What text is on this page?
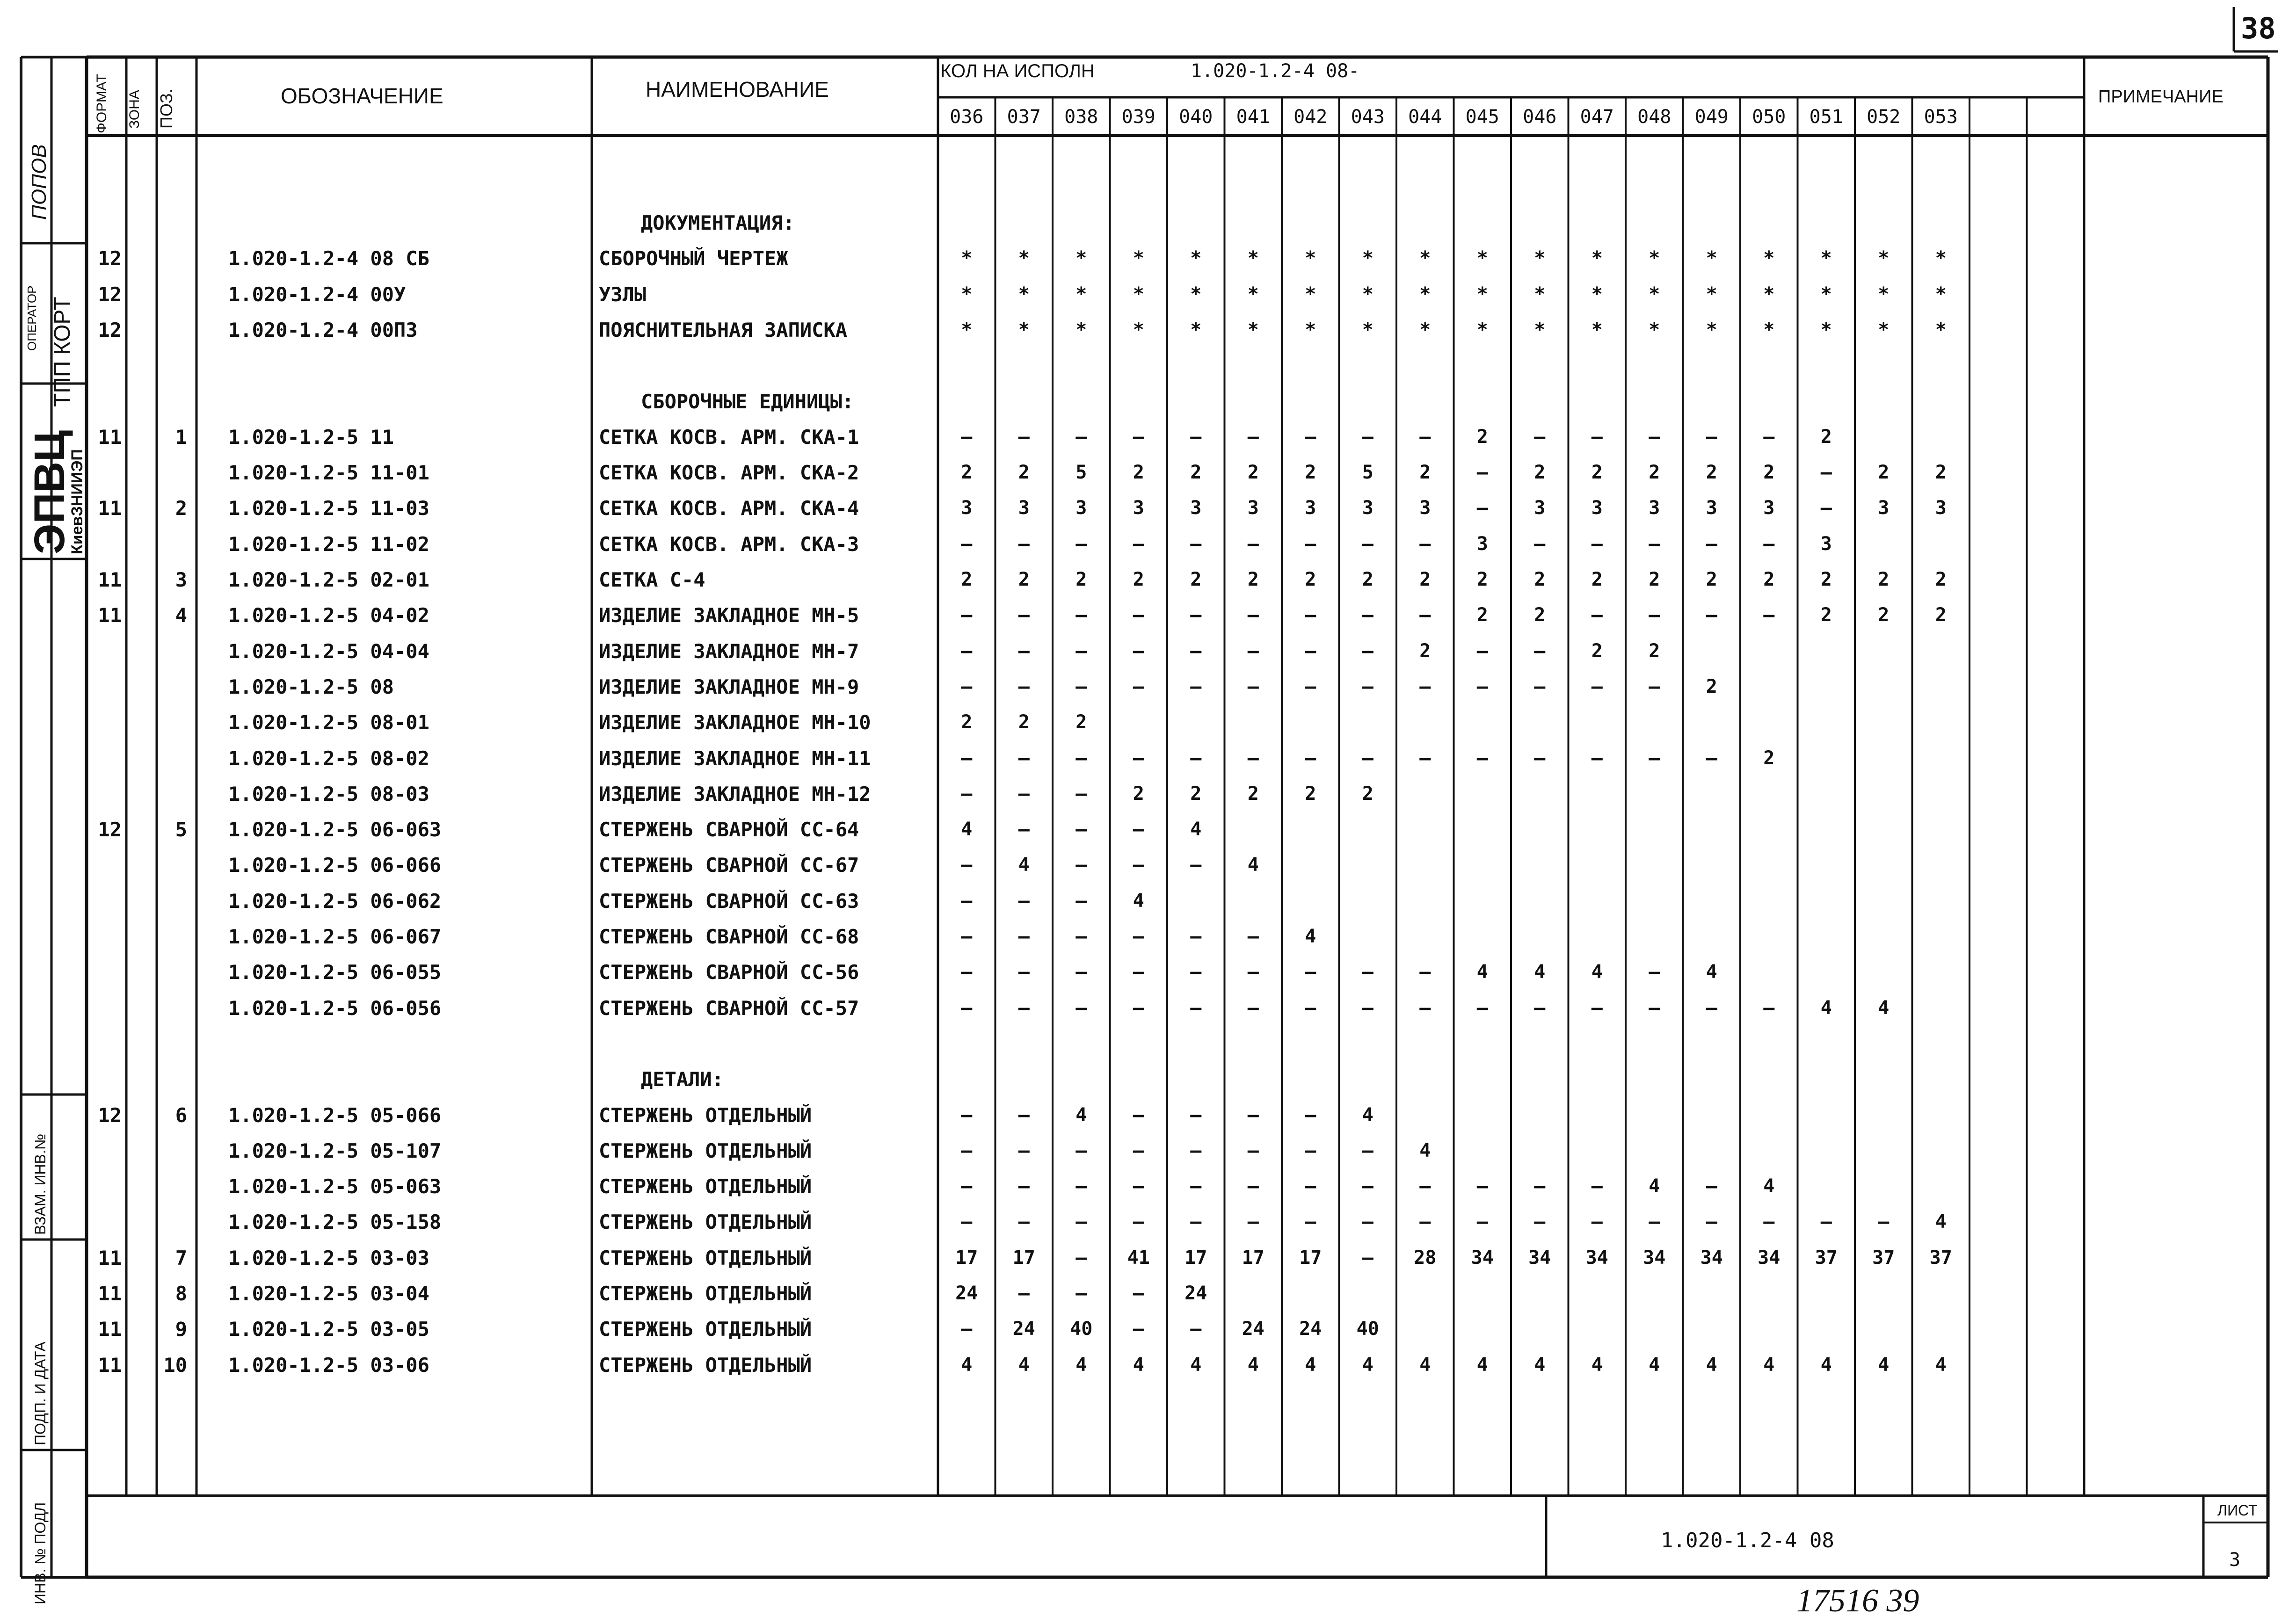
38
ФОРМАТ ЗОНА ПОЗ.	ОБОЗНАЧЕНИЕ	НАИМЕНОВАНИЕ
КОЛ НА ИСПОЛН	1.020-1.2-4 08-
ПРИМЕЧАНИЕ
036	037	038	039	040	041	042	043	044	045	046	047	048	049	050	051	052	053
ПОПОВ
ОПЕРАТОР ТПП КОРТ
ЭПВЦ
КиевЗНИИЭП
ВЗАМ. ИНВ.№
ПОДП. И ДАТА
ИНВ. № ПОДЛ
ДОКУМЕНТАЦИЯ:
12	1.020-1.2-4 08 СБ	СБОРОЧНЫЙ ЧЕРТЕЖ	*	*	*	*	*	*	*	*	*	*	*	*	*	*	*	*	*	*
12	1.020-1.2-4 00У	УЗЛЫ	*	*	*	*	*	*	*	*	*	*	*	*	*	*	*	*	*	*
12	1.020-1.2-4 00ПЗ	ПОЯСНИТЕЛЬНАЯ ЗАПИСКА	*	*	*	*	*	*	*	*	*	*	*	*	*	*	*	*	*	*
СБОРОЧНЫЕ ЕДИНИЦЫ:
11	1 1.020-1.2-5 11	СЕТКА КОСВ. АРМ. СКА-1	–	–	–	–	–	–	–	–	–	2	–	–	–	–	–	2
1.020-1.2-5 11-01	СЕТКА КОСВ. АРМ. СКА-2	2	2	5	2	2	2	2	5	2	–	2	2	2	2	2	–	2	2
11	2 1.020-1.2-5 11-03	СЕТКА КОСВ. АРМ. СКА-4	3	3	3	3	3	3	3	3	3	–	3	3	3	3	3	–	3	3
1.020-1.2-5 11-02	СЕТКА КОСВ. АРМ. СКА-3	–	–	–	–	–	–	–	–	–	3	–	–	–	–	–	3
11	3 1.020-1.2-5 02-01	СЕТКА С-4	2	2	2	2	2	2	2	2	2	2	2	2	2	2	2	2	2	2
11	4 1.020-1.2-5 04-02	ИЗДЕЛИЕ ЗАКЛАДНОЕ МН-5	–	–	–	–	–	–	–	–	–	2	2	–	–	–	–	2	2	2
1.020-1.2-5 04-04	ИЗДЕЛИЕ ЗАКЛАДНОЕ МН-7	–	–	–	–	–	–	–	–	2	–	–	2	2
1.020-1.2-5 08	ИЗДЕЛИЕ ЗАКЛАДНОЕ МН-9	–	–	–	–	–	–	–	–	–	–	–	–	–	2
1.020-1.2-5 08-01	ИЗДЕЛИЕ ЗАКЛАДНОЕ МН-10	2	2	2
1.020-1.2-5 08-02	ИЗДЕЛИЕ ЗАКЛАДНОЕ МН-11	–	–	–	–	–	–	–	–	–	–	–	–	–	–	2
1.020-1.2-5 08-03	ИЗДЕЛИЕ ЗАКЛАДНОЕ МН-12	–	–	–	2	2	2	2	2
12	5 1.020-1.2-5 06-063	СТЕРЖЕНЬ СВАРНОЙ СС-64	4	–	–	–	4
1.020-1.2-5 06-066	СТЕРЖЕНЬ СВАРНОЙ СС-67	–	4	–	–	–	4
1.020-1.2-5 06-062	СТЕРЖЕНЬ СВАРНОЙ СС-63	–	–	–	4
1.020-1.2-5 06-067	СТЕРЖЕНЬ СВАРНОЙ СС-68	–	–	–	–	–	–	4
1.020-1.2-5 06-055	СТЕРЖЕНЬ СВАРНОЙ СС-56	–	–	–	–	–	–	–	–	–	4	4	4	–	4
1.020-1.2-5 06-056	СТЕРЖЕНЬ СВАРНОЙ СС-57	–	–	–	–	–	–	–	–	–	–	–	–	–	–	–	4	4
ДЕТАЛИ:
12	6 1.020-1.2-5 05-066	СТЕРЖЕНЬ ОТДЕЛЬНЫЙ	–	–	4	–	–	–	–	4
1.020-1.2-5 05-107	СТЕРЖЕНЬ ОТДЕЛЬНЫЙ	–	–	–	–	–	–	–	–	4
1.020-1.2-5 05-063	СТЕРЖЕНЬ ОТДЕЛЬНЫЙ	–	–	–	–	–	–	–	–	–	–	–	–	4	–	4
1.020-1.2-5 05-158	СТЕРЖЕНЬ ОТДЕЛЬНЫЙ	–	–	–	–	–	–	–	–	–	–	–	–	–	–	–	–	–	4
11	7 1.020-1.2-5 03-03	СТЕРЖЕНЬ ОТДЕЛЬНЫЙ	17	17	–	41	17	17	17	–	28	34	34	34	34	34	34	37	37	37
11	8 1.020-1.2-5 03-04	СТЕРЖЕНЬ ОТДЕЛЬНЫЙ	24	–	–	–	24
11	9 1.020-1.2-5 03-05	СТЕРЖЕНЬ ОТДЕЛЬНЫЙ	–	24	40	–	–	24	24	40
11 10 1.020-1.2-5 03-06	СТЕРЖЕНЬ ОТДЕЛЬНЫЙ	4	4	4	4	4	4	4	4	4	4	4	4	4	4	4	4	4	4
1.020-1.2-4 08
ЛИСТ
3
17516 39
